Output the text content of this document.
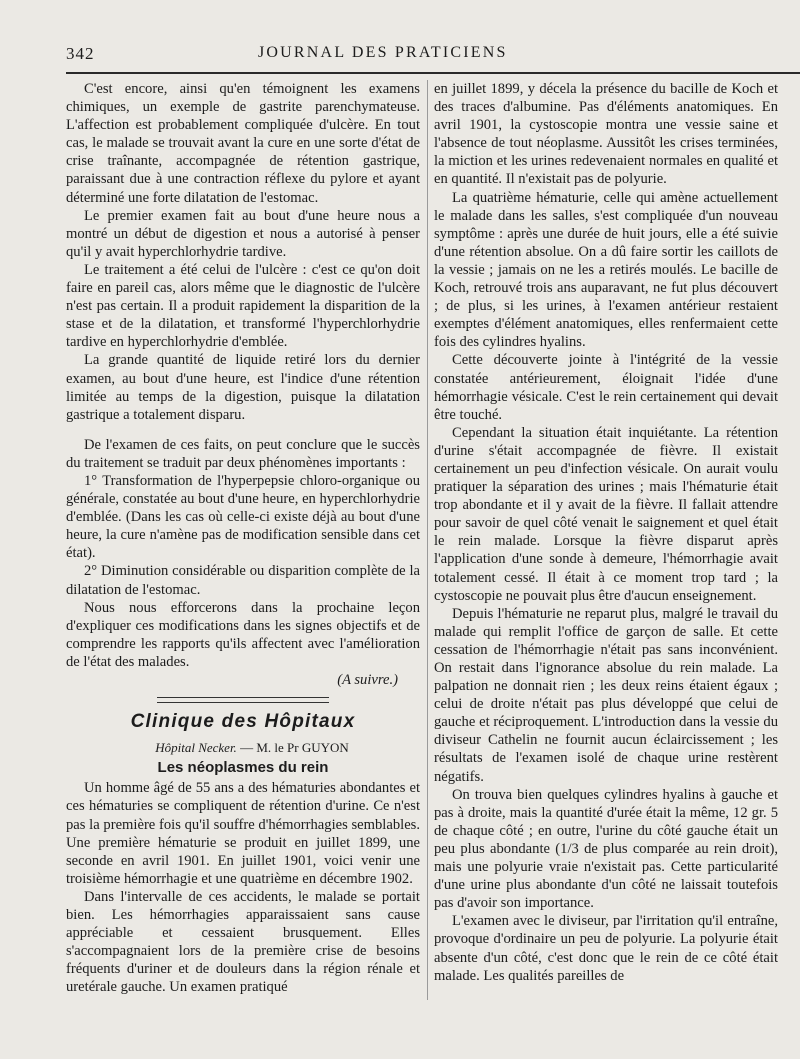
342	JOURNAL DES PRATICIENS

C'est encore, ainsi qu'en témoignent les examens chimiques, un exemple de gastrite parenchymateuse. L'affection est probablement compliquée d'ulcère. En tout cas, le malade se trouvait avant la cure en une sorte d'état de crise traînante, accompagnée de rétention gastrique, paraissant due à une contraction réflexe du pylore et ayant déterminé une forte dilatation de l'estomac.

Le premier examen fait au bout d'une heure nous a montré un début de digestion et nous a autorisé à penser qu'il y avait hyperchlorhydrie tardive.

Le traitement a été celui de l'ulcère : c'est ce qu'on doit faire en pareil cas, alors même que le diagnostic de l'ulcère n'est pas certain. Il a produit rapidement la disparition de la stase et de la dilatation, et transformé l'hyperchlorhydrie tardive en hyperchlorhydrie d'emblée.

La grande quantité de liquide retiré lors du dernier examen, au bout d'une heure, est l'indice d'une rétention limitée au temps de la digestion, puisque la dilatation gastrique a totalement disparu.

De l'examen de ces faits, on peut conclure que le succès du traitement se traduit par deux phénomènes importants :

1° Transformation de l'hyperpepsie chloro-organique ou générale, constatée au bout d'une heure, en hyperchlorhydrie d'emblée. (Dans les cas où celle-ci existe déjà au bout d'une heure, la cure n'amène pas de modification sensible dans cet état).

2° Diminution considérable ou disparition complète de la dilatation de l'estomac.

Nous nous efforcerons dans la prochaine leçon d'expliquer ces modifications dans les signes objectifs et de comprendre les rapports qu'ils affectent avec l'amélioration de l'état des malades.

(A suivre.)

Clinique des Hôpitaux

Hôpital Necker. — M. le Pr GUYON

Les néoplasmes du rein

Un homme âgé de 55 ans a des hématuries abondantes et ces hématuries se compliquent de rétention d'urine. Ce n'est pas la première fois qu'il souffre d'hémorrhagies semblables. Une première hématurie se produit en juillet 1899, une seconde en avril 1901. En juillet 1901, voici venir une troisième hémorrhagie et une quatrième en décembre 1902.

Dans l'intervalle de ces accidents, le malade se portait bien. Les hémorrhagies apparaissaient sans cause appréciable et cessaient brusquement. Elles s'accompagnaient lors de la première crise de besoins fréquents d'uriner et de douleurs dans la région rénale et uretérale gauche. Un examen pratiqué

en juillet 1899, y décela la présence du bacille de Koch et des traces d'albumine. Pas d'éléments anatomiques. En avril 1901, la cystoscopie montra une vessie saine et l'absence de tout néoplasme. Aussitôt les crises terminées, la miction et les urines redevenaient normales en qualité et en quantité. Il n'existait pas de polyurie.

La quatrième hématurie, celle qui amène actuellement le malade dans les salles, s'est compliquée d'un nouveau symptôme : après une durée de huit jours, elle a été suivie d'une rétention absolue. On a dû faire sortir les caillots de la vessie ; jamais on ne les a retirés moulés. Le bacille de Koch, retrouvé trois ans auparavant, ne fut plus découvert ; de plus, si les urines, à l'examen antérieur restaient exemptes d'élément anatomiques, elles renfermaient cette fois des cylindres hyalins.

Cette découverte jointe à l'intégrité de la vessie constatée antérieurement, éloignait l'idée d'une hémorrhagie vésicale. C'est le rein certainement qui devait être touché.

Cependant la situation était inquiétante. La rétention d'urine s'était accompagnée de fièvre. Il existait certainement un peu d'infection vésicale. On aurait voulu pratiquer la séparation des urines ; mais l'hématurie était trop abondante et il y avait de la fièvre. Il fallait attendre pour savoir de quel côté venait le saignement et quel était le rein malade. Lorsque la fièvre disparut après l'application d'une sonde à demeure, l'hémorrhagie avait totalement cessé. Il était à ce moment trop tard ; la cystoscopie ne pouvait plus être d'aucun enseignement.

Depuis l'hématurie ne reparut plus, malgré le travail du malade qui remplit l'office de garçon de salle. Et cette cessation de l'hémorrhagie n'était pas sans inconvénient. On restait dans l'ignorance absolue du rein malade. La palpation ne donnait rien ; les deux reins étaient égaux ; celui de droite n'était pas plus développé que celui de gauche et réciproquement. L'introduction dans la vessie du diviseur Cathelin ne fournit aucun éclaircissement ; les résultats de l'examen isolé de chaque urine restèrent négatifs.

On trouva bien quelques cylindres hyalins à gauche et pas à droite, mais la quantité d'urée était la même, 12 gr. 5 de chaque côté ; en outre, l'urine du côté gauche était un peu plus abondante (1/3 de plus comparée au rein droit), mais une polyurie vraie n'existait pas. Cette particularité d'une urine plus abondante d'un côté ne laissait toutefois pas d'avoir son importance.

L'examen avec le diviseur, par l'irritation qu'il entraîne, provoque d'ordinaire un peu de polyurie. La polyurie était absente d'un côté, c'est donc que le rein de ce côté était malade. Les qualités pareilles de
